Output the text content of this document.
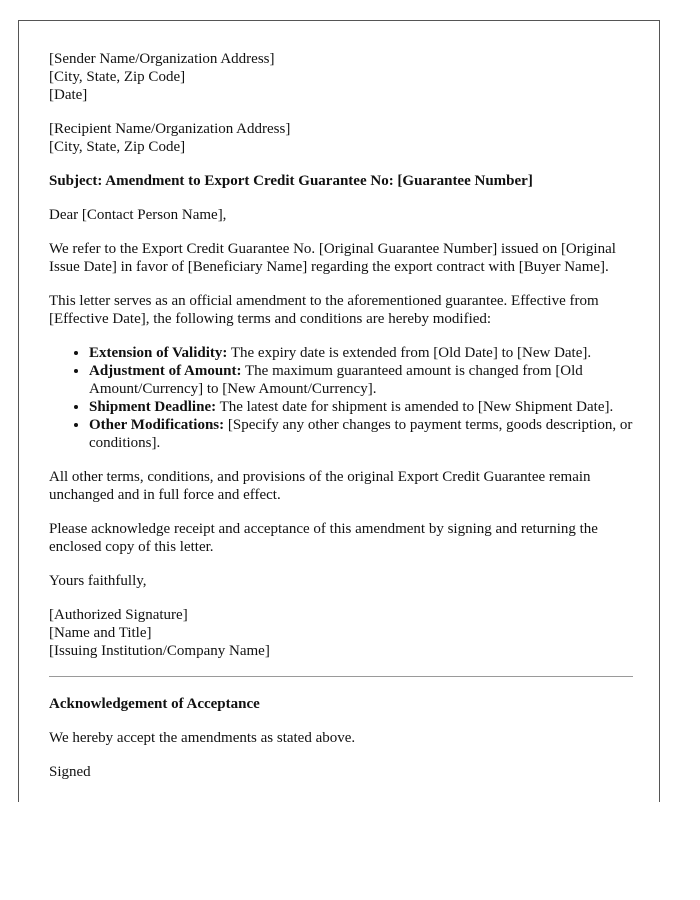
[Sender Name/Organization Address]
[City, State, Zip Code]
[Date]
[Recipient Name/Organization Address]
[City, State, Zip Code]

Subject: Amendment to Export Credit Guarantee No: [Guarantee Number]

Dear [Contact Person Name],

We refer to the Export Credit Guarantee No. [Original Guarantee Number] issued on [Original Issue Date] in favor of [Beneficiary Name] regarding the export contract with [Buyer Name].

This letter serves as an official amendment to the aforementioned guarantee. Effective from [Effective Date], the following terms and conditions are hereby modified:

• Extension of Validity: The expiry date is extended from [Old Date] to [New Date].
• Adjustment of Amount: The maximum guaranteed amount is changed from [Old Amount/Currency] to [New Amount/Currency].
• Shipment Deadline: The latest date for shipment is amended to [New Shipment Date].
• Other Modifications: [Specify any other changes to payment terms, goods description, or conditions].

All other terms, conditions, and provisions of the original Export Credit Guarantee remain unchanged and in full force and effect.

Please acknowledge receipt and acceptance of this amendment by signing and returning the enclosed copy of this letter.

Yours faithfully,

[Authorized Signature]
[Name and Title]
[Issuing Institution/Company Name]
Acknowledgement of Acceptance

We hereby accept the amendments as stated above.

Signed
